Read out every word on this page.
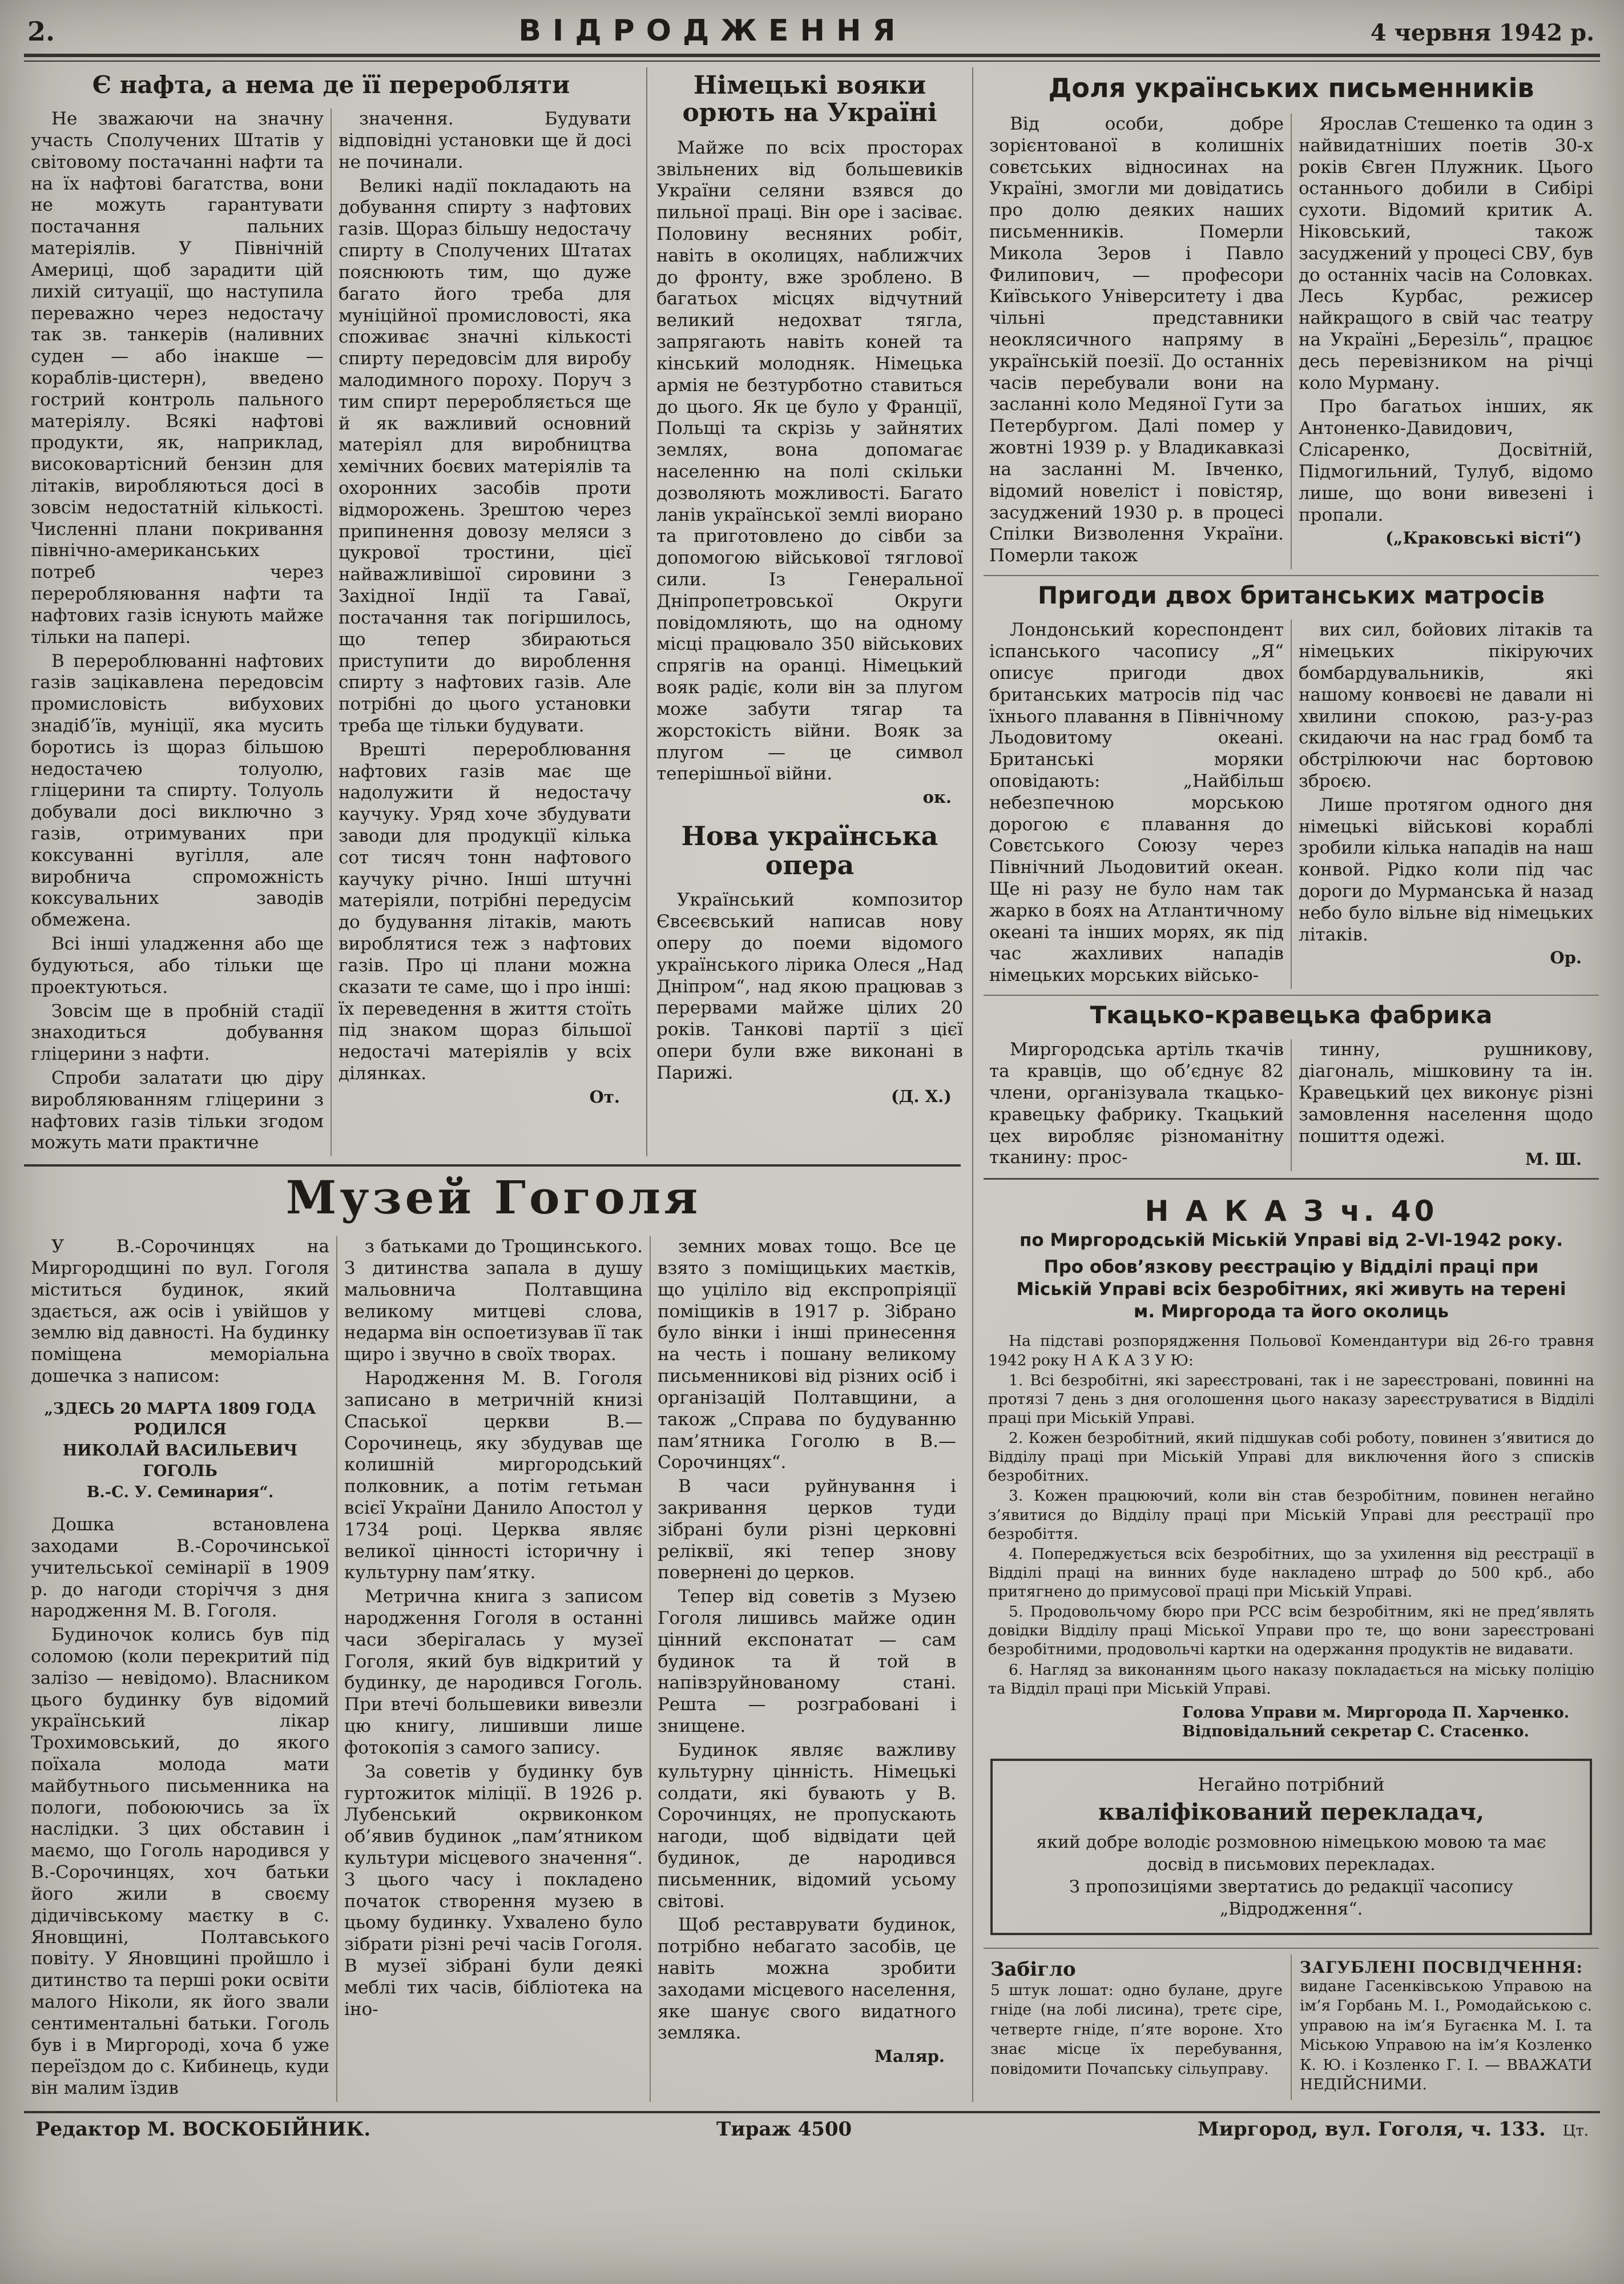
2.	ВІДРОДЖЕННЯ	4 червня 1942 р.
Є нафта, а нема де її переробляти

Не зважаючи на значну участь Сполучених Штатів у світовому постачанні нафти та на їх нафтові багатства, вони не можуть гарантувати постачання пальних матеріялів. У Північній Америці, щоб зарадити цій лихій ситуації, що наступила переважно через недостачу так зв. танкерів (наливних суден — або інакше — кораблів-цистерн), введено гострий контроль пального матеріялу. Всякі нафтові продукти, як, наприклад, високовартісний бензин для літаків, виробляються досі в зовсім недостатній кількості. Численні плани покривання північно-американських потреб через переробляювання нафти та нафтових газів існують майже тільки на папері.

В перероблюванні нафтових газів зацікавлена передовсім промисловість вибухових знадіб’їв, муніції, яка мусить боротись із щораз більшою недостачею толуолю, гліцерини та спирту. Толуоль добували досі виключно з газів, отримуваних при коксуванні вугілля, але виробнича спроможність коксувальних заводів обмежена.

Всі інші уладження або ще будуються, або тільки ще проектуються.

Зовсім ще в пробній стадії знаходиться добування гліцерини з нафти.

Спроби залатати цю діру виробляюванням гліцерини з нафтових газів тільки згодом можуть мати практичне

значення. Будувати відповідні установки ще й досі не починали.

Великі надії покладають на добування спирту з нафтових газів. Щораз більшу недостачу спирту в Сполучених Штатах пояснюють тим, що дуже багато його треба для муніційної промисловості, яка споживає значні кількості спирту передовсім для виробу малодимного пороху. Поруч з тим спирт переробляється ще й як важливий основний матеріял для виробництва хемічних боєвих матеріялів та охоронних засобів проти відморожень. Зрештою через припинення довозу меляси з цукрової тростини, цієї найважливішої сировини з Західної Індії та Гаваї, постачання так погіршилось, що тепер збираються приступити до вироблення спирту з нафтових газів. Але потрібні до цього установки треба ще тільки будувати.

Врешті перероблювання нафтових газів має ще надолужити й недостачу каучуку. Уряд хоче збудувати заводи для продукції кілька сот тисяч тонн нафтового каучуку річно. Інші штучні матеріяли, потрібні передусім до будування літаків, мають вироблятися теж з нафтових газів. Про ці плани можна сказати те саме, що і про інші: їх переведення в життя стоїть під знаком щораз більшої недостачі матеріялів у всіх ділянках.

От.
Німецькі вояки орють на Україні

Майже по всіх просторах звільнених від большевиків України селяни взявся до пильної праці. Він оре і засіває. Половину весняних робіт, навіть в околицях, наближчих до фронту, вже зроблено. В багатьох місцях відчутний великий недохват тягла, запрягають навіть коней та кінський молодняк. Німецька армія не безтурботно ставиться до цього. Як це було у Франції, Польщі та скрізь у зайнятих землях, вона допомагає населенню на полі скільки дозволяють можливості. Багато ланів української землі виорано та приготовлено до сівби за допомогою військової тяглової сили. Із Генеральної Дніпропетровської Округи повідомляють, що на одному місці працювало 350 військових спрягів на оранці. Німецький вояк радіє, коли він за плугом може забути тягар та жорстокість війни. Вояк за плугом — це символ теперішньої війни.

ок.
Нова українська опера

Український композитор Євсеєвський написав нову оперу до поеми відомого українського лірика Олеся „Над Дніпром“, над якою працював з перервами майже цілих 20 років. Танкові партії з цієї опери були вже виконані в Парижі.

(Д. Х.)
Музей Гоголя

У В.-Сорочинцях на Миргородщині по вул. Гоголя міститься будинок, який здається, аж осів і увійшов у землю від давності. На будинку поміщена меморіальна дошечка з написом:

„ЗДЕСЬ 20 МАРТА 1809 ГОДА

РОДИЛСЯ

НИКОЛАЙ ВАСИЛЬЕВИЧ

ГОГОЛЬ

В.-С. У. Семинария“.

Дошка встановлена заходами В.-Сорочинської учительської семінарії в 1909 р. до нагоди сторіччя з дня народження М. В. Гоголя.

Будиночок колись був під соломою (коли перекритий під залізо — невідомо). Власником цього будинку був відомий український лікар Трохимовський, до якого поїхала молода мати майбутнього письменника на пологи, побоюючись за їх наслідки. З цих обставин і маємо, що Гоголь народився у В.-Сорочинцях, хоч батьки його жили в своєму дідичівському маєтку в с. Яновщині, Полтавського повіту. У Яновщині пройшло і дитинство та перші роки освіти малого Ніколи, як його звали сентиментальні батьки. Гоголь був і в Миргороді, хоча б уже переїздом до с. Кибинець, куди він малим їздив

з батьками до Трощинського. З дитинства запала в душу мальовнича Полтавщина великому митцеві слова, недарма він оспоетизував її так щиро і звучно в своїх творах.

Народження М. В. Гоголя записано в метричній книзі Спаської церкви В.—Сорочинець, яку збудував ще колишній миргородський полковник, а потім гетьман всієї України Данило Апостол у 1734 році. Церква являє великої цінності історичну і культурну пам’ятку.

Метрична книга з записом народження Гоголя в останні часи зберігалась у музеї Гоголя, який був відкритий у будинку, де народився Гоголь. При втечі большевики вивезли цю книгу, лишивши лише фотокопія з самого запису.

За советів у будинку був гуртожиток міліції. В 1926 р. Лубенський окрвиконком об’явив будинок „пам’ятником культури місцевого значення“. З цього часу і покладено початок створення музею в цьому будинку. Ухвалено було зібрати різні речі часів Гоголя. В музеї зібрані були деякі меблі тих часів, бібліотека на іно-

земних мовах тощо. Все це взято з поміщицьких маєтків, що уціліло від експропріяції поміщиків в 1917 р. Зібрано було вінки і інші принесення на честь і пошану великому письменникові від різних осіб і організацій Полтавщини, а також „Справа по будуванню пам’ятника Гоголю в В.—Сорочинцях“.

В часи руйнування і закривання церков туди зібрані були різні церковні реліквії, які тепер знову повернені до церков.

Тепер від советів з Музею Гоголя лишивсь майже один цінний експонатат — сам будинок та й той в напівзруйнованому стані. Решта — розграбовані і знищене.

Будинок являє важливу культурну цінність. Німецькі солдати, які бувають у В. Сорочинцях, не пропускають нагоди, щоб відвідати цей будинок, де народився письменник, відомий усьому світові.

Щоб реставрувати будинок, потрібно небагато засобів, це навіть можна зробити заходами місцевого населення, яке шанує свого видатного земляка.

Маляр.
Доля українських письменників

Від особи, добре зорієнтованої в колишніх совєтських відносинах на Україні, змогли ми довідатись про долю деяких наших письменників. Померли Микола Зеров і Павло Филипович, — професори Київського Університету і два чільні представники неоклясичного напряму в українській поезії. До останніх часів перебували вони на засланні коло Медяної Гути за Петербургом. Далі помер у жовтні 1939 р. у Владикавказі на засланні М. Івченко, відомий новеліст і повістяр, засуджений 1930 р. в процесі Спілки Визволення України. Померли також

Ярослав Стешенко та один з найвидатніших поетів 30-х років Євген Плужник. Цього останнього добили в Сибірі сухоти. Відомий критик А. Ніковський, також засуджений у процесі СВУ, був до останніх часів на Соловках. Лесь Курбас, режисер найкращого в свій час театру на Україні „Березіль“, працює десь перевізником на річці коло Мурману.

Про багатьох інших, як Антоненко-Давидович, Слісаренко, Досвітній, Підмогильний, Тулуб, відомо лише, що вони вивезені і пропали.

(„Краковські вісті“)
Пригоди двох британських матросів

Лондонський кореспондент іспанського часопису „Я“ описує пригоди двох британських матросів під час їхнього плавання в Північному Льодовитому океані. Британські моряки оповідають: „Найбільш небезпечною морською дорогою є плавання до Совєтського Союзу через Північний Льодовитий океан. Ще ні разу не було нам так жарко в боях на Атлантичному океані та інших морях, як під час жахливих нападів німецьких морських військо-

вих сил, бойових літаків та німецьких пікіруючих бомбардувальників, які нашому конвоєві не давали ні хвилини спокою, раз-у-раз скидаючи на нас град бомб та обстрілюючи нас бортовою зброєю.

Лише протягом одного дня німецькі військові кораблі зробили кілька нападів на наш конвой. Рідко коли під час дороги до Мурманська й назад небо було вільне від німецьких літаків.

Ор.
Ткацько-кравецька фабрика

Миргородська артіль ткачів та кравців, що об’єднує 82 члени, організувала ткацько-кравецьку фабрику. Ткацький цех виробляє різноманітну тканину: прос-

тинну, рушникову, діагональ, мішковину та ін. Кравецький цех виконує різні замовлення населення щодо пошиття одежі.

М. Ш.
Н А К А З ч. 40
по Миргородській Міській Управі від 2-VI-1942 року.
Про обов’язкову реєстрацію у Відділі праці при Міській Управі всіх безробітних, які живуть на терені м. Миргорода та його околиць

На підставі розпорядження Польової Комендантури від 26-го травня 1942 року Н А К А З У Ю:

1. Всі безробітні, які зареєстровані, так і не зареєстровані, повинні на протязі 7 день з дня оголошення цього наказу зареєструватися в Відділі праці при Міській Управі.

2. Кожен безробітний, який підшукав собі роботу, повинен з’явитися до Відділу праці при Міській Управі для виключення його з списків безробітних.

3. Кожен працюючий, коли він став безробітним, повинен негайно з’явитися до Відділу праці при Міській Управі для реєстрації про безробіття.

4. Попереджується всіх безробітних, що за ухилення від реєстрації в Відділі праці на винних буде накладено штраф до 500 крб., або притягнено до примусової праці при Міській Управі.

5. Продовольчому бюро при РСС всім безробітним, які не пред’являть довідки Відділу праці Міської Управи про те, що вони зареєстровані безробітними, продовольчі картки на одержання продуктів не видавати.

6. Нагляд за виконанням цього наказу покладається на міську поліцію та Відділ праці при Міській Управі.

Голова Управи м. Миргорода П. Харченко.
Відповідальний секретар С. Стасенко.
Негайно потрібний
кваліфікований перекладач,
який добре володіє розмовною німецькою мовою та має досвід в письмових перекладах.
З пропозиціями звертатись до редакції часопису „Відродження“.
Забігло

5 штук лошат: одно булане, друге гніде (на лобі лисина), третє сіре, четверте гніде, п’яте вороне. Хто знає місце їх перебування, повідомити Почапську сільуправу.

ЗАГУБЛЕНІ ПОСВІДЧЕННЯ:

видане Гасенківською Управою на ім’я Горбань М. І., Ромодайською с. управою на ім’я Бугаєнка М. І. та Міською Управою на ім’я Козленко К. Ю. і Козленко Г. І. — ВВАЖАТИ НЕДІЙСНИМИ.

Редактор М. ВОСКОБІЙНИК.	Тираж 4500	Миргород, вул. Гоголя, ч. 133. Цт.
